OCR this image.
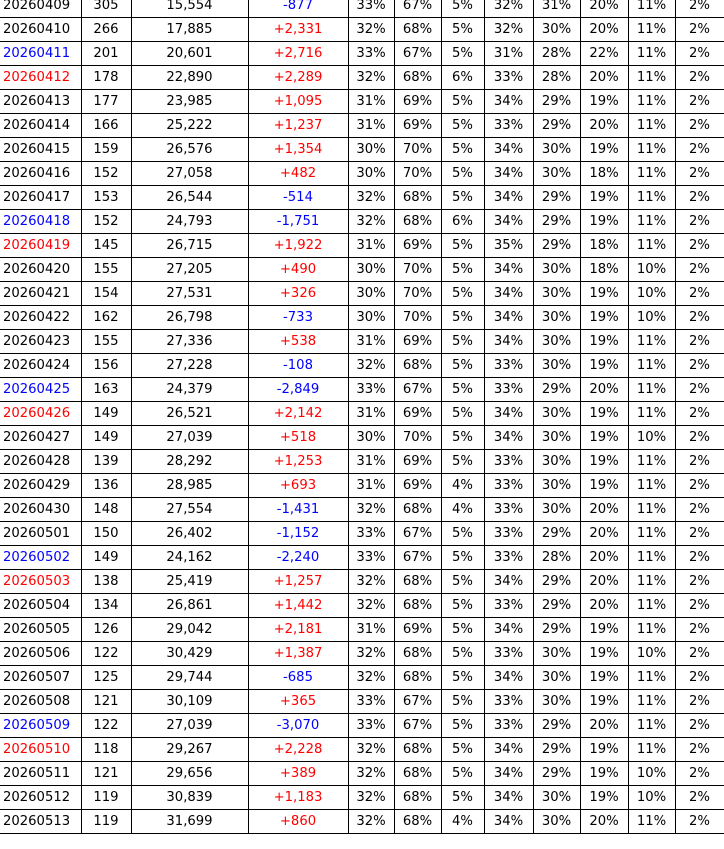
20260409	305	15,554	-877	33%	67%	5%	32%	31%	20%	11%	2%
20260410	266	17,885	+2,331	32%	68%	5%	32%	30%	20%	11%	2%
20260411	201	20,601	+2,716	33%	67%	5%	31%	28%	22%	11%	2%
20260412	178	22,890	+2,289	32%	68%	6%	33%	28%	20%	11%	2%
20260413	177	23,985	+1,095	31%	69%	5%	34%	29%	19%	11%	2%
20260414	166	25,222	+1,237	31%	69%	5%	33%	29%	20%	11%	2%
20260415	159	26,576	+1,354	30%	70%	5%	34%	30%	19%	11%	2%
20260416	152	27,058	+482	30%	70%	5%	34%	30%	18%	11%	2%
20260417	153	26,544	-514	32%	68%	5%	34%	29%	19%	11%	2%
20260418	152	24,793	-1,751	32%	68%	6%	34%	29%	19%	11%	2%
20260419	145	26,715	+1,922	31%	69%	5%	35%	29%	18%	11%	2%
20260420	155	27,205	+490	30%	70%	5%	34%	30%	18%	10%	2%
20260421	154	27,531	+326	30%	70%	5%	34%	30%	19%	10%	2%
20260422	162	26,798	-733	30%	70%	5%	34%	30%	19%	10%	2%
20260423	155	27,336	+538	31%	69%	5%	34%	30%	19%	11%	2%
20260424	156	27,228	-108	32%	68%	5%	33%	30%	19%	11%	2%
20260425	163	24,379	-2,849	33%	67%	5%	33%	29%	20%	11%	2%
20260426	149	26,521	+2,142	31%	69%	5%	34%	30%	19%	11%	2%
20260427	149	27,039	+518	30%	70%	5%	34%	30%	19%	10%	2%
20260428	139	28,292	+1,253	31%	69%	5%	33%	30%	19%	11%	2%
20260429	136	28,985	+693	31%	69%	4%	33%	30%	19%	11%	2%
20260430	148	27,554	-1,431	32%	68%	4%	33%	30%	20%	11%	2%
20260501	150	26,402	-1,152	33%	67%	5%	33%	29%	20%	11%	2%
20260502	149	24,162	-2,240	33%	67%	5%	33%	28%	20%	11%	2%
20260503	138	25,419	+1,257	32%	68%	5%	34%	29%	20%	11%	2%
20260504	134	26,861	+1,442	32%	68%	5%	33%	29%	20%	11%	2%
20260505	126	29,042	+2,181	31%	69%	5%	34%	29%	19%	11%	2%
20260506	122	30,429	+1,387	32%	68%	5%	33%	30%	19%	10%	2%
20260507	125	29,744	-685	32%	68%	5%	34%	30%	19%	11%	2%
20260508	121	30,109	+365	33%	67%	5%	33%	30%	19%	11%	2%
20260509	122	27,039	-3,070	33%	67%	5%	33%	29%	20%	11%	2%
20260510	118	29,267	+2,228	32%	68%	5%	34%	29%	19%	11%	2%
20260511	121	29,656	+389	32%	68%	5%	34%	29%	19%	10%	2%
20260512	119	30,839	+1,183	32%	68%	5%	34%	30%	19%	10%	2%
20260513	119	31,699	+860	32%	68%	4%	34%	30%	20%	11%	2%
